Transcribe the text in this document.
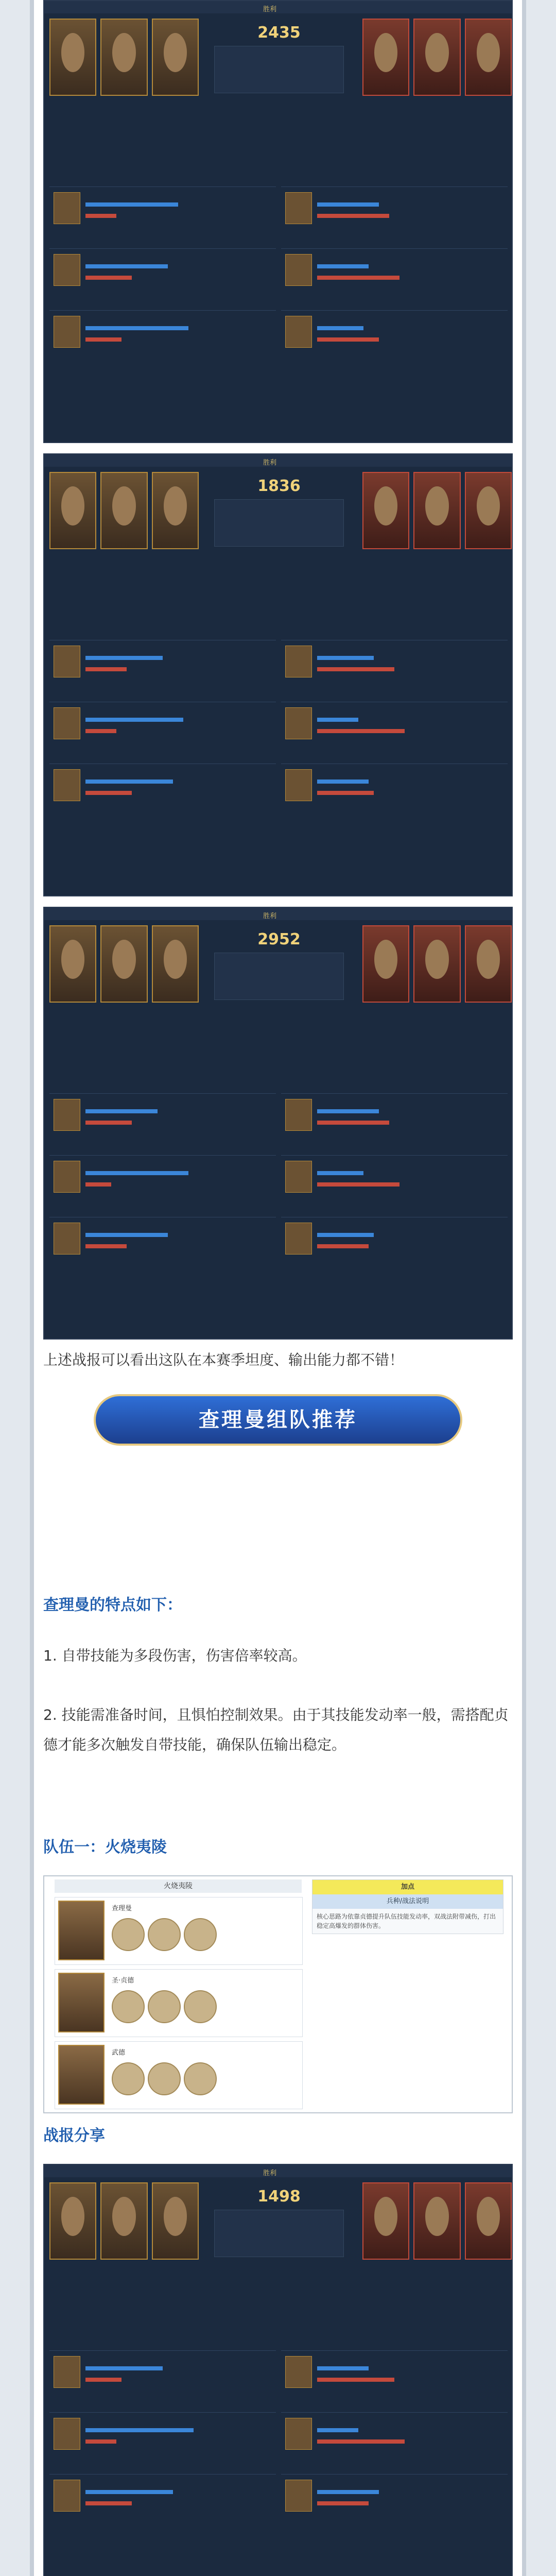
胜利
2435
胜利
1836
胜利
2952
上述战报可以看出这队在本赛季坦度、输出能力都不错！
查理曼组队推荐
查理曼的特点如下：
1. 自带技能为多段伤害，伤害倍率较高。
2. 技能需准备时间，且惧怕控制效果。由于其技能发动率一般，需搭配贞德才能多次触发自带技能，确保队伍输出稳定。
队伍一：火烧夷陵
火烧夷陵
查理曼
圣·贞德
武德
加点
兵种/战法说明
核心思路为依靠贞德提升队伍技能发动率，双战法附带减伤，打出稳定高爆发的群体伤害。
战报分享
胜利
1498
